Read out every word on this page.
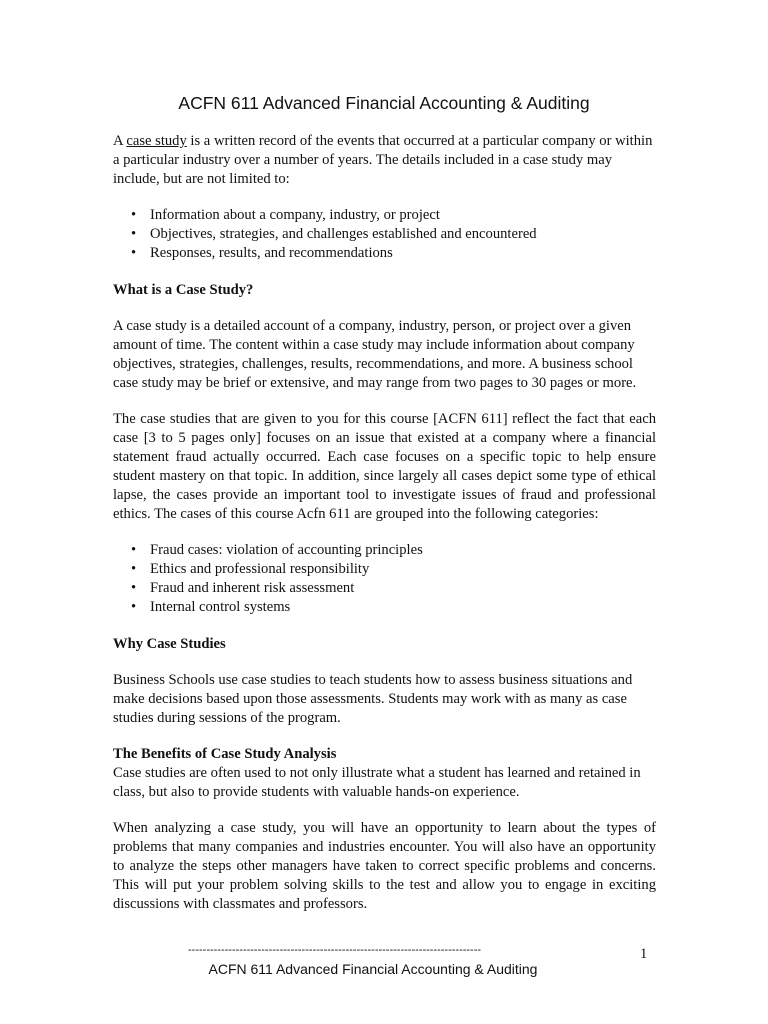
ACFN 611 Advanced Financial Accounting & Auditing

A case study is a written record of the events that occurred at a particular company or within a particular industry over a number of years. The details included in a case study may include, but are not limited to:

• Information about a company, industry, or project
• Objectives, strategies, and challenges established and encountered
• Responses, results, and recommendations

What is a Case Study?

A case study is a detailed account of a company, industry, person, or project over a given amount of time. The content within a case study may include information about company objectives, strategies, challenges, results, recommendations, and more. A business school case study may be brief or extensive, and may range from two pages to 30 pages or more.

The case studies that are given to you for this course [ACFN 611] reflect the fact that each case [3 to 5 pages only] focuses on an issue that existed at a company where a financial statement fraud actually occurred. Each case focuses on a specific topic to help ensure student mastery on that topic. In addition, since largely all cases depict some type of ethical lapse, the cases provide an important tool to investigate issues of fraud and professional ethics. The cases of this course Acfn 611 are grouped into the following categories:

• Fraud cases: violation of accounting principles
• Ethics and professional responsibility
• Fraud and inherent risk assessment
• Internal control systems

Why Case Studies

Business Schools use case studies to teach students how to assess business situations and make decisions based upon those assessments. Students may work with as many as case studies during sessions of the program.

The Benefits of Case Study Analysis

Case studies are often used to not only illustrate what a student has learned and retained in class, but also to provide students with valuable hands-on experience.

When analyzing a case study, you will have an opportunity to learn about the types of problems that many companies and industries encounter. You will also have an opportunity to analyze the steps other managers have taken to correct specific problems and concerns. This will put your problem solving skills to the test and allow you to engage in exciting discussions with classmates and professors.

--------------------------------------------------------------------------------	1
ACFN 611 Advanced Financial Accounting & Auditing
